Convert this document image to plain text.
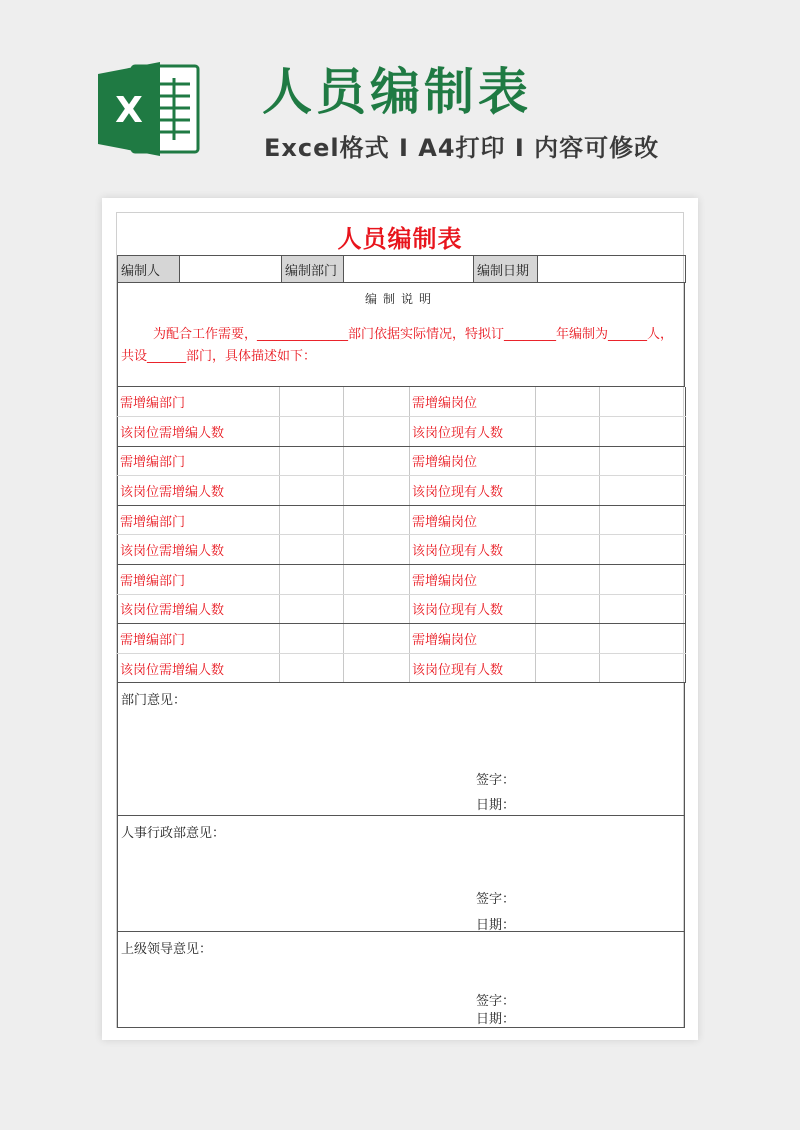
X 人员编制表
Excel格式 I A4打印 I 内容可修改
人员编制表
编制人		编制部门		编制日期	
编制说明
为配合工作需要，______________部门依据实际情况，特拟订________年编制为______人，共设______部门，具体描述如下：
需增编部门			需增编岗位		
该岗位需增编人数			该岗位现有人数		
需增编部门			需增编岗位		
该岗位需增编人数			该岗位现有人数		
需增编部门			需增编岗位		
该岗位需增编人数			该岗位现有人数		
需增编部门			需增编岗位		
该岗位需增编人数			该岗位现有人数		
需增编部门			需增编岗位		
该岗位需增编人数			该岗位现有人数		
部门意见：
签字：
日期：
人事行政部意见：
签字：
日期：
上级领导意见：
签字：
日期：
